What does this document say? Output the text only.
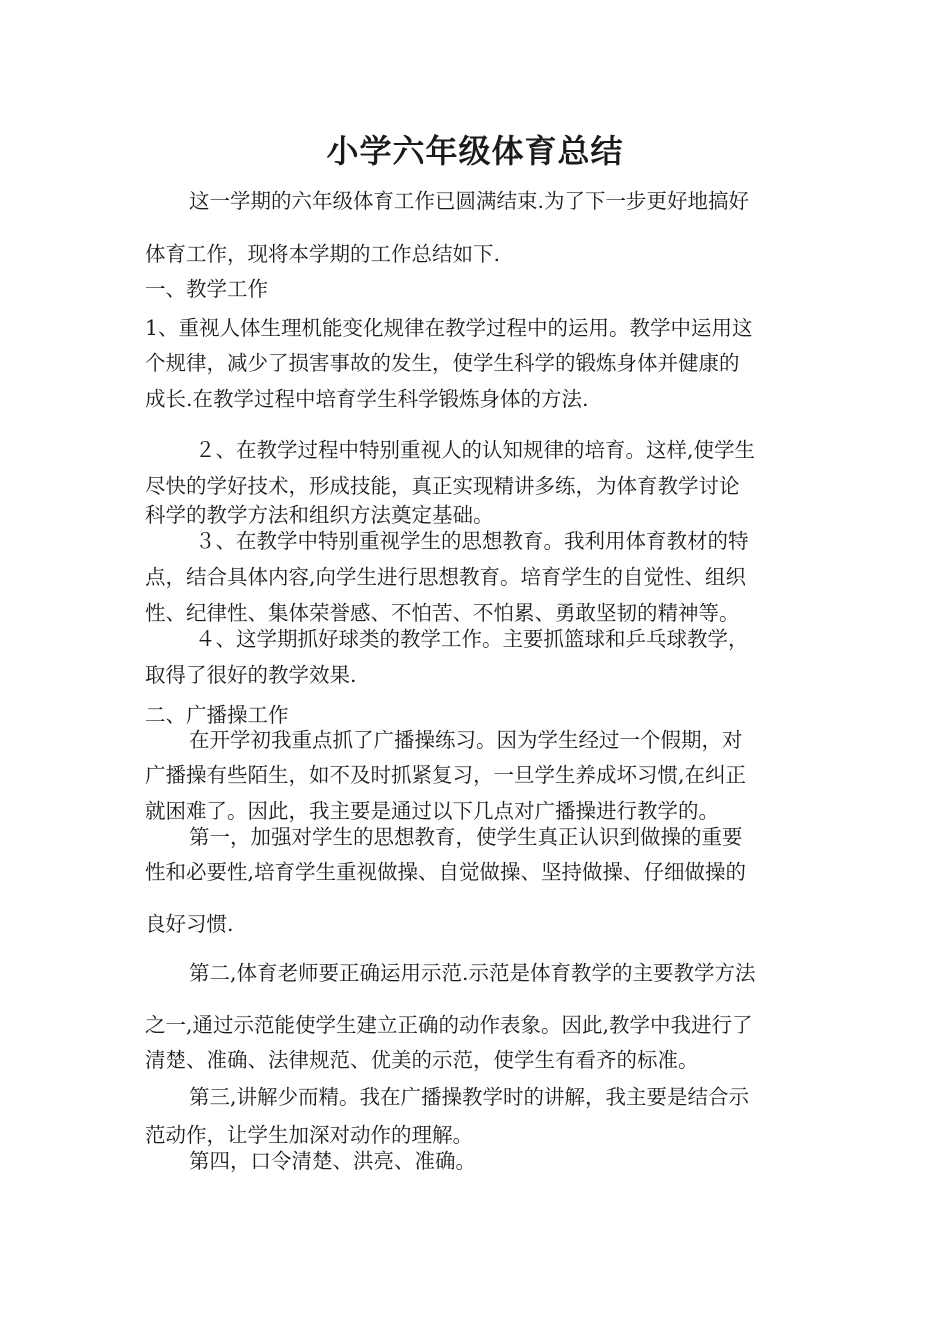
小学六年级体育总结
这一学期的六年级体育工作已圆满结束.为了下一步更好地搞好
体育工作，现将本学期的工作总结如下.
一、教学工作
1、重视人体生理机能变化规律在教学过程中的运用。教学中运用这
个规律，减少了损害事故的发生，使学生科学的锻炼身体并健康的
成长.在教学过程中培育学生科学锻炼身体的方法.
２、在教学过程中特别重视人的认知规律的培育。这样,使学生
尽快的学好技术，形成技能，真正实现精讲多练，为体育教学讨论
科学的教学方法和组织方法奠定基础。
３、在教学中特别重视学生的思想教育。我利用体育教材的特
点，结合具体内容,向学生进行思想教育。培育学生的自觉性、组织
性、纪律性、集体荣誉感、不怕苦、不怕累、勇敢坚韧的精神等。
４、这学期抓好球类的教学工作。主要抓篮球和乒乓球教学，
取得了很好的教学效果.
二、广播操工作
在开学初我重点抓了广播操练习。因为学生经过一个假期，对
广播操有些陌生，如不及时抓紧复习，一旦学生养成坏习惯,在纠正
就困难了。因此，我主要是通过以下几点对广播操进行教学的。
第一，加强对学生的思想教育，使学生真正认识到做操的重要
性和必要性,培育学生重视做操、自觉做操、坚持做操、仔细做操的
良好习惯.
第二,体育老师要正确运用示范.示范是体育教学的主要教学方法
之一,通过示范能使学生建立正确的动作表象。因此,教学中我进行了
清楚、准确、法律规范、优美的示范，使学生有看齐的标准。
第三,讲解少而精。我在广播操教学时的讲解，我主要是结合示
范动作，让学生加深对动作的理解。
第四，口令清楚、洪亮、准确。
